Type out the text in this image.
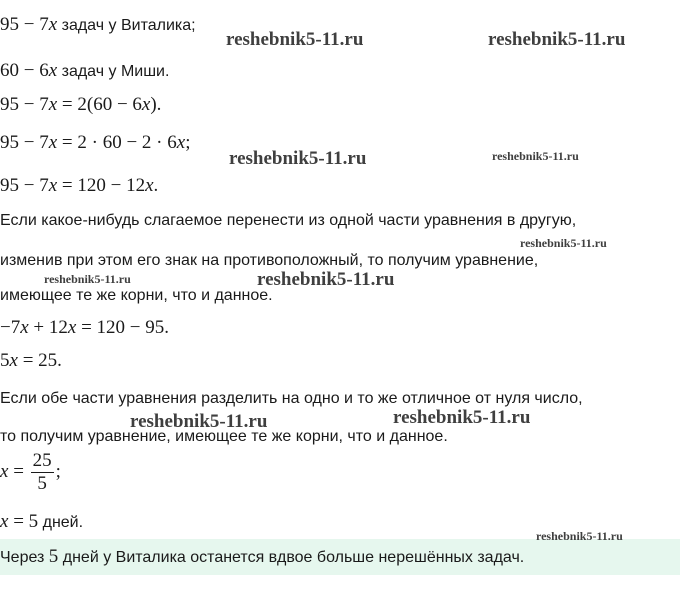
95 − 7x задач у Виталика;
60 − 6x задач у Миши.
95 − 7x = 2(60 − 6x).
95 − 7x = 2 · 60 − 2 · 6x;
95 − 7x = 120 − 12x.
Если какое-нибудь слагаемое перенести из одной части уравнения в другую,
изменив при этом его знак на противоположный, то получим уравнение,
имеющее те же корни, что и данное.
−7x + 12x = 120 − 95.
5x = 25.
Если обе части уравнения разделить на одно и то же отличное от нуля число,
то получим уравнение, имеющее те же корни, что и данное.
$x = \frac{25}{5}$ ;
x = 5 дней.
Через 5 дней у Виталика останется вдвое больше нерешённых задач.
reshebnik5-11.ru	reshebnik5-11.ru
reshebnik5-11.ru	reshebnik5-11.ru
reshebnik5-11.ru
reshebnik5-11.ru	reshebnik5-11.ru
reshebnik5-11.ru	reshebnik5-11.ru
reshebnik5-11.ru
